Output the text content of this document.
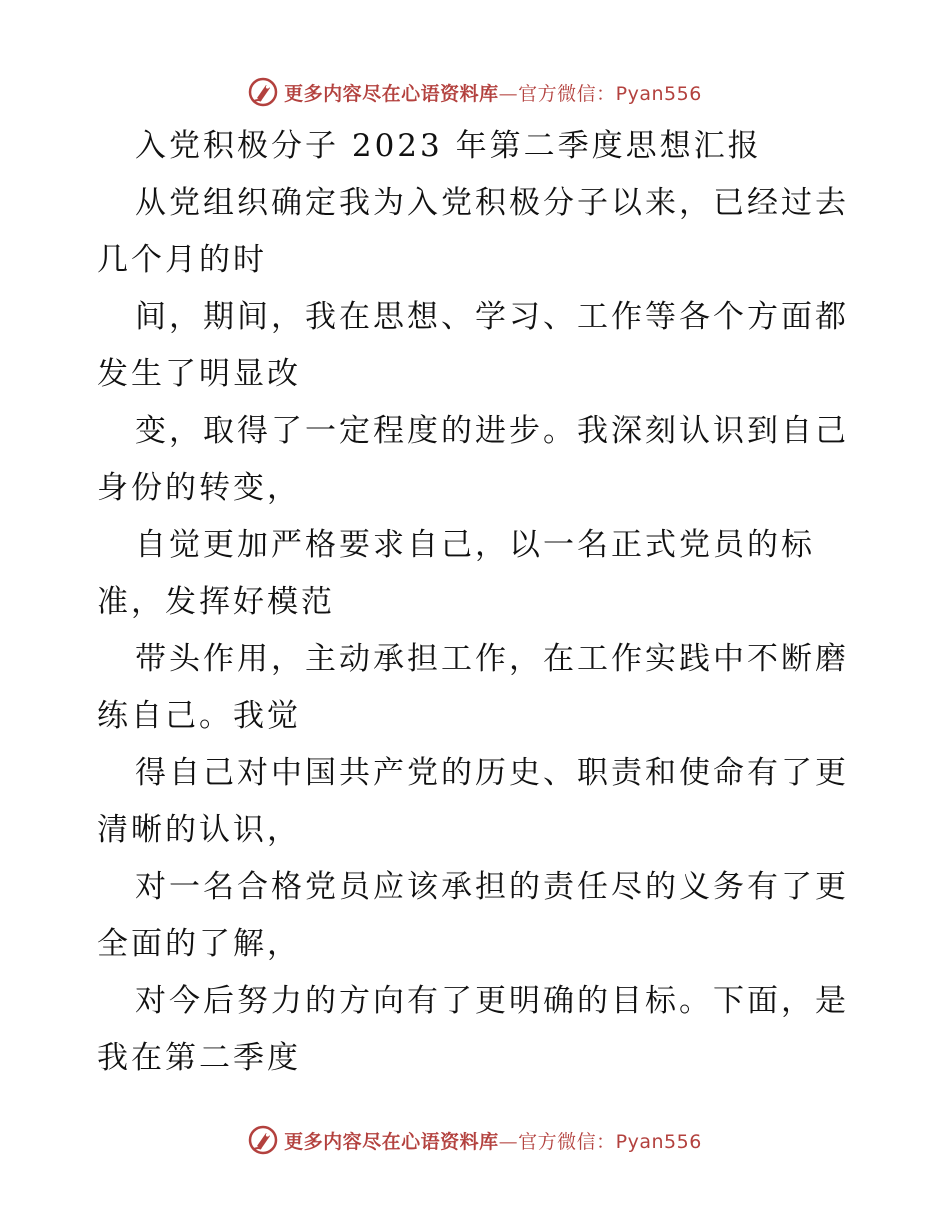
更多内容尽在心语资料库—官方微信：Pyan556
入党积极分子 2023 年第二季度思想汇报
从党组织确定我为入党积极分子以来，已经过去
几个月的时
间，期间，我在思想、学习、工作等各个方面都
发生了明显改
变，取得了一定程度的进步。我深刻认识到自己
身份的转变，
自觉更加严格要求自己，以一名正式党员的标
准，发挥好模范
带头作用，主动承担工作，在工作实践中不断磨
练自己。我觉
得自己对中国共产党的历史、职责和使命有了更
清晰的认识，
对一名合格党员应该承担的责任尽的义务有了更
全面的了解，
对今后努力的方向有了更明确的目标。下面，是
我在第二季度
更多内容尽在心语资料库—官方微信：Pyan556
